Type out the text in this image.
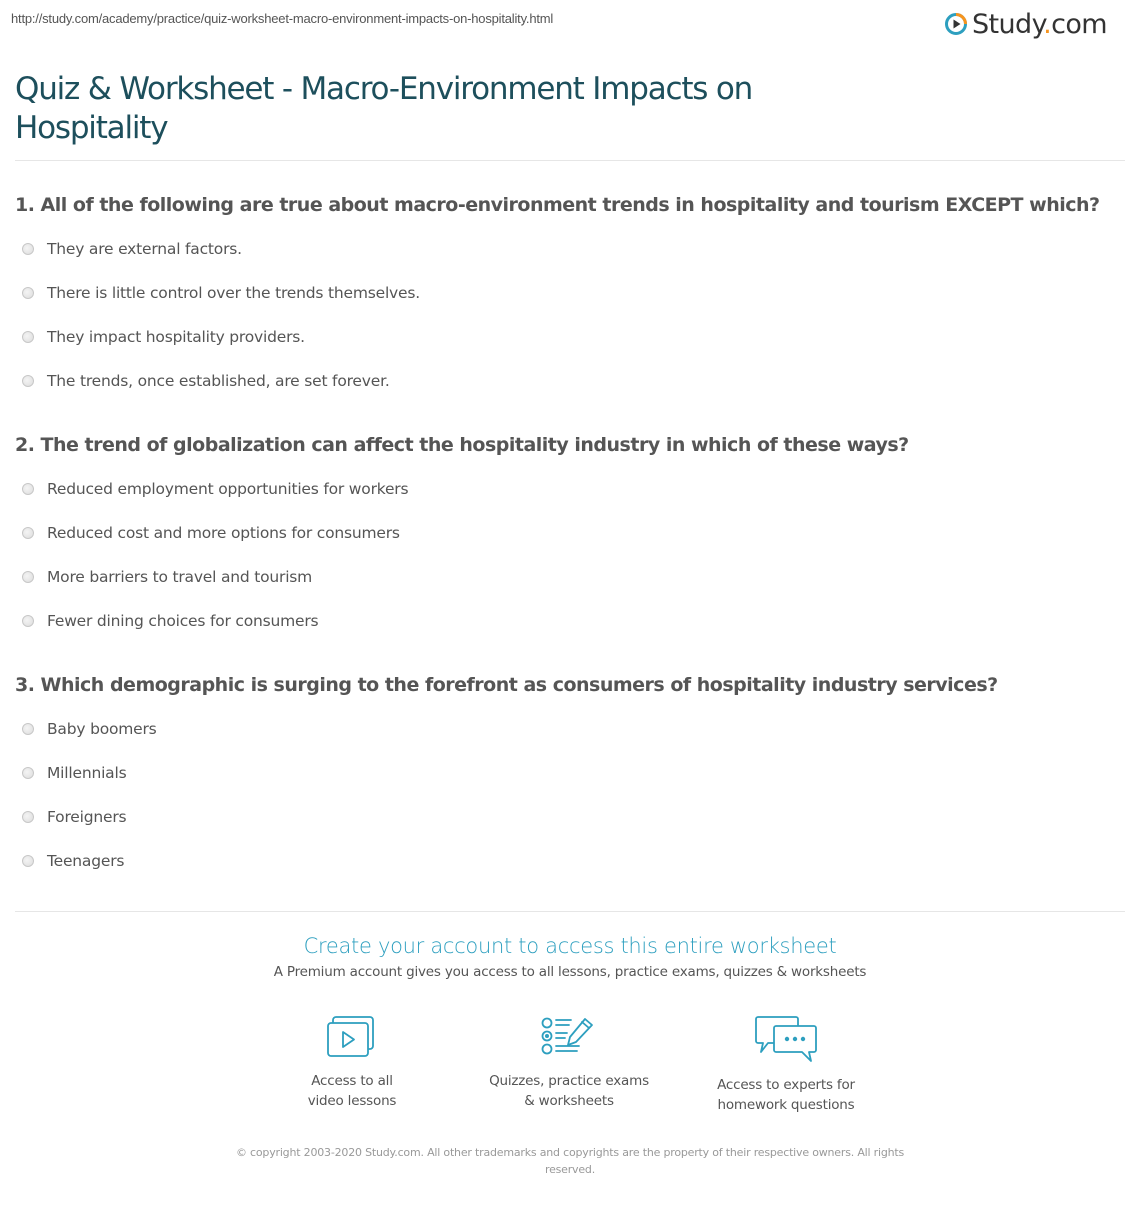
http://study.com/academy/practice/quiz-worksheet-macro-environment-impacts-on-hospitality.html	Study.com
Quiz & Worksheet - Macro-Environment Impacts on
Hospitality
1. All of the following are true about macro-environment trends in hospitality and tourism EXCEPT which?
They are external factors.
There is little control over the trends themselves.
They impact hospitality providers.
The trends, once established, are set forever.
2. The trend of globalization can affect the hospitality industry in which of these ways?
Reduced employment opportunities for workers
Reduced cost and more options for consumers
More barriers to travel and tourism
Fewer dining choices for consumers
3. Which demographic is surging to the forefront as consumers of hospitality industry services?
Baby boomers
Millennials
Foreigners
Teenagers
Create your account to access this entire worksheet
A Premium account gives you access to all lessons, practice exams, quizzes & worksheets
Access to all
video lessons
Quizzes, practice exams
& worksheets
Access to experts for
homework questions
© copyright 2003-2020 Study.com. All other trademarks and copyrights are the property of their respective owners. All rights reserved.
